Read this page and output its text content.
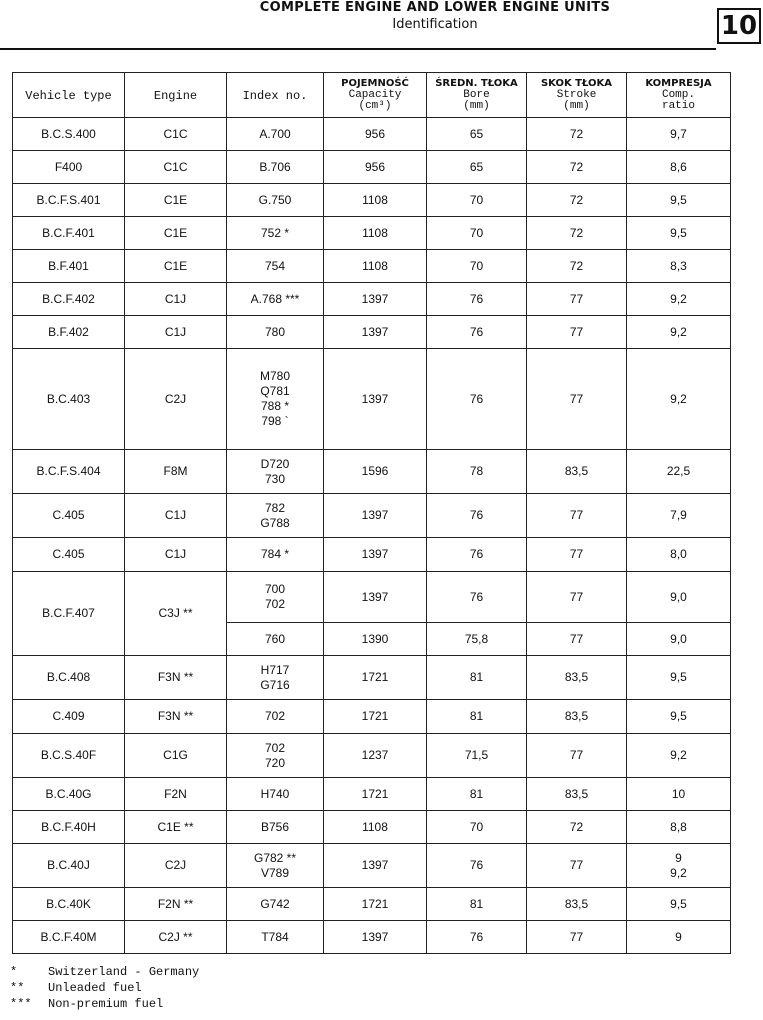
COMPLETE ENGINE AND LOWER ENGINE UNITS
Identification	10
Vehicle type	Engine	Index no.	POJEMNOŚĆ
Capacity
(cm³)	ŚREDN. TŁOKA
Bore
(mm)	SKOK TŁOKA
Stroke
(mm)	KOMPRESJA
Comp.
ratio

B.C.S.400	C1C	A.700	956	65	72	9,7

F400	C1C	B.706	956	65	72	8,6

B.C.F.S.401	C1E	G.750	1108	70	72	9,5

B.C.F.401	C1E	752 *	1108	70	72	9,5

B.F.401	C1E	754	1108	70	72	8,3

B.C.F.402	C1J	A.768 ***	1397	76	77	9,2

B.F.402	C1J	780	1397	76	77	9,2

B.C.403	C2J	M780
Q781
788 *
798 `	1397	76	77	9,2

B.C.F.S.404	F8M	D720
730	1596	78	83,5	22,5

C.405	C1J	782
G788	1397	76	77	7,9

C.405	C1J	784 *	1397	76	77	8,0

B.C.F.407	C3J **	700
702	1397	76	77	9,0

		760	1390	75,8	77	9,0

B.C.408	F3N **	H717
G716	1721	81	83,5	9,5

C.409	F3N **	702	1721	81	83,5	9,5

B.C.S.40F	C1G	702
720	1237	71,5	77	9,2

B.C.40G	F2N	H740	1721	81	83,5	10

B.C.F.40H	C1E **	B756	1108	70	72	8,8

B.C.40J	C2J	G782 **
V789	1397	76	77	9
9,2

B.C.40K	F2N **	G742	1721	81	83,5	9,5

B.C.F.40M	C2J **	T784	1397	76	77	9
*	Switzerland - Germany
**	Unleaded fuel
***	Non-premium fuel
